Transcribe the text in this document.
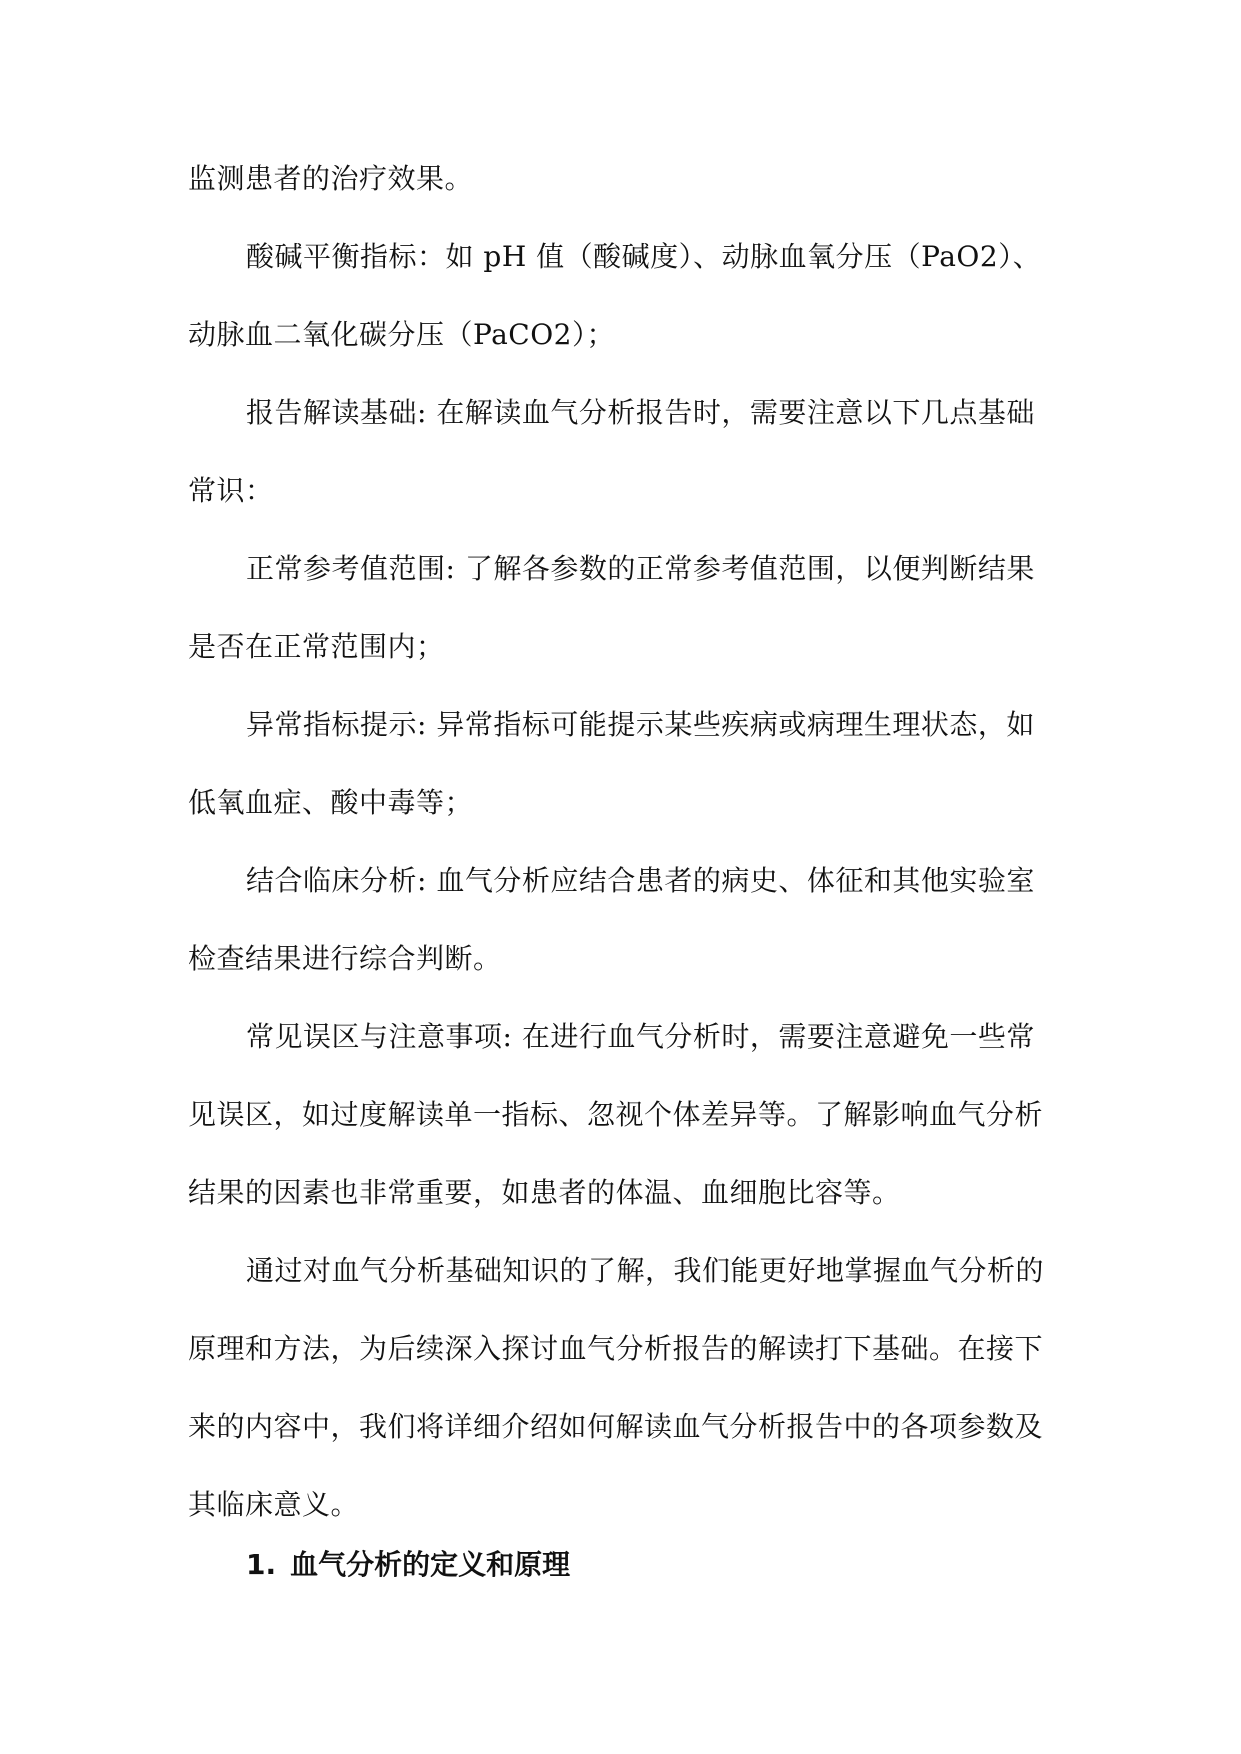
监测患者的治疗效果。
酸碱平衡指标：如 pH 值（酸碱度）、动脉血氧分压（PaO2）、
动脉血二氧化碳分压（PaCO2）；
报告解读基础: 在解读血气分析报告时，需要注意以下几点基础
常识：
正常参考值范围: 了解各参数的正常参考值范围，以便判断结果
是否在正常范围内；
异常指标提示: 异常指标可能提示某些疾病或病理生理状态，如
低氧血症、酸中毒等；
结合临床分析: 血气分析应结合患者的病史、体征和其他实验室
检查结果进行综合判断。
常见误区与注意事项: 在进行血气分析时，需要注意避免一些常
见误区，如过度解读单一指标、忽视个体差异等。了解影响血气分析
结果的因素也非常重要，如患者的体温、血细胞比容等。
通过对血气分析基础知识的了解，我们能更好地掌握血气分析的
原理和方法，为后续深入探讨血气分析报告的解读打下基础。在接下
来的内容中，我们将详细介绍如何解读血气分析报告中的各项参数及
其临床意义。
1. 血气分析的定义和原理
